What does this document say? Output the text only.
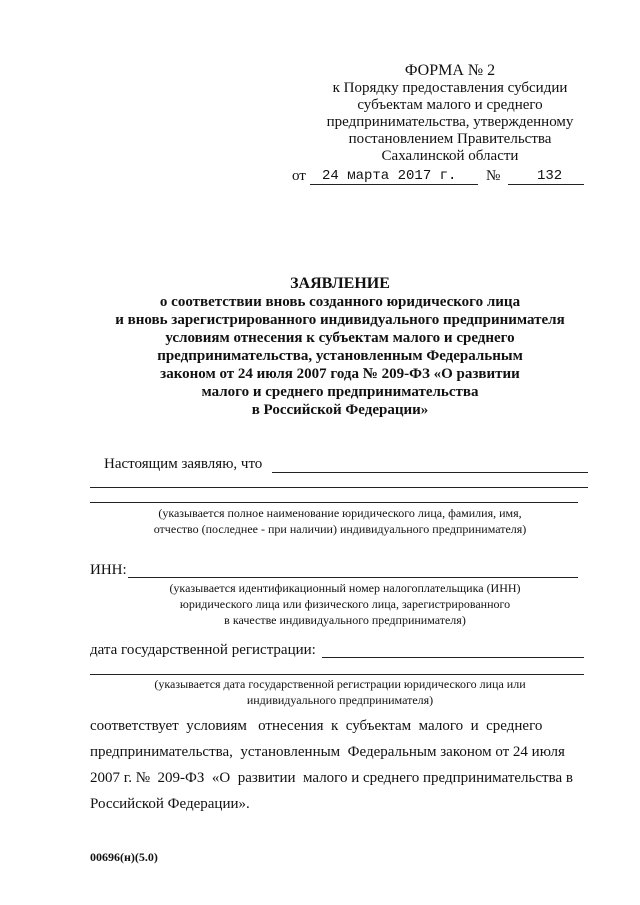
ФОРМА № 2
к Порядку предоставления субсидии
субъектам малого и среднего
предпринимательства, утвержденному
постановлением Правительства
Сахалинской области
от 24 марта 2017 г. №	132
ЗАЯВЛЕНИЕ
о соответствии вновь созданного юридического лица
и вновь зарегистрированного индивидуального предпринимателя
условиям отнесения к субъектам малого и среднего
предпринимательства, установленным Федеральным
законом от 24 июля 2007 года № 209-ФЗ «О развитии
малого и среднего предпринимательства
в Российской Федерации»
Настоящим заявляю, что
(указывается полное наименование юридического лица, фамилия, имя,
отчество (последнее - при наличии) индивидуального предпринимателя)
ИНН:
(указывается идентификационный номер налогоплательщика (ИНН)
юридического лица или физического лица, зарегистрированного
в качестве индивидуального предпринимателя)
дата государственной регистрации:
(указывается дата государственной регистрации юридического лица или
индивидуального предпринимателя)
соответствует  условиям   отнесения  к  субъектам  малого  и  среднего
предпринимательства,  установленным  Федеральным законом от 24 июля
2007 г. №  209-ФЗ  «О  развитии  малого и среднего предпринимательства в
Российской Федерации».
00696(н)(5.0)
